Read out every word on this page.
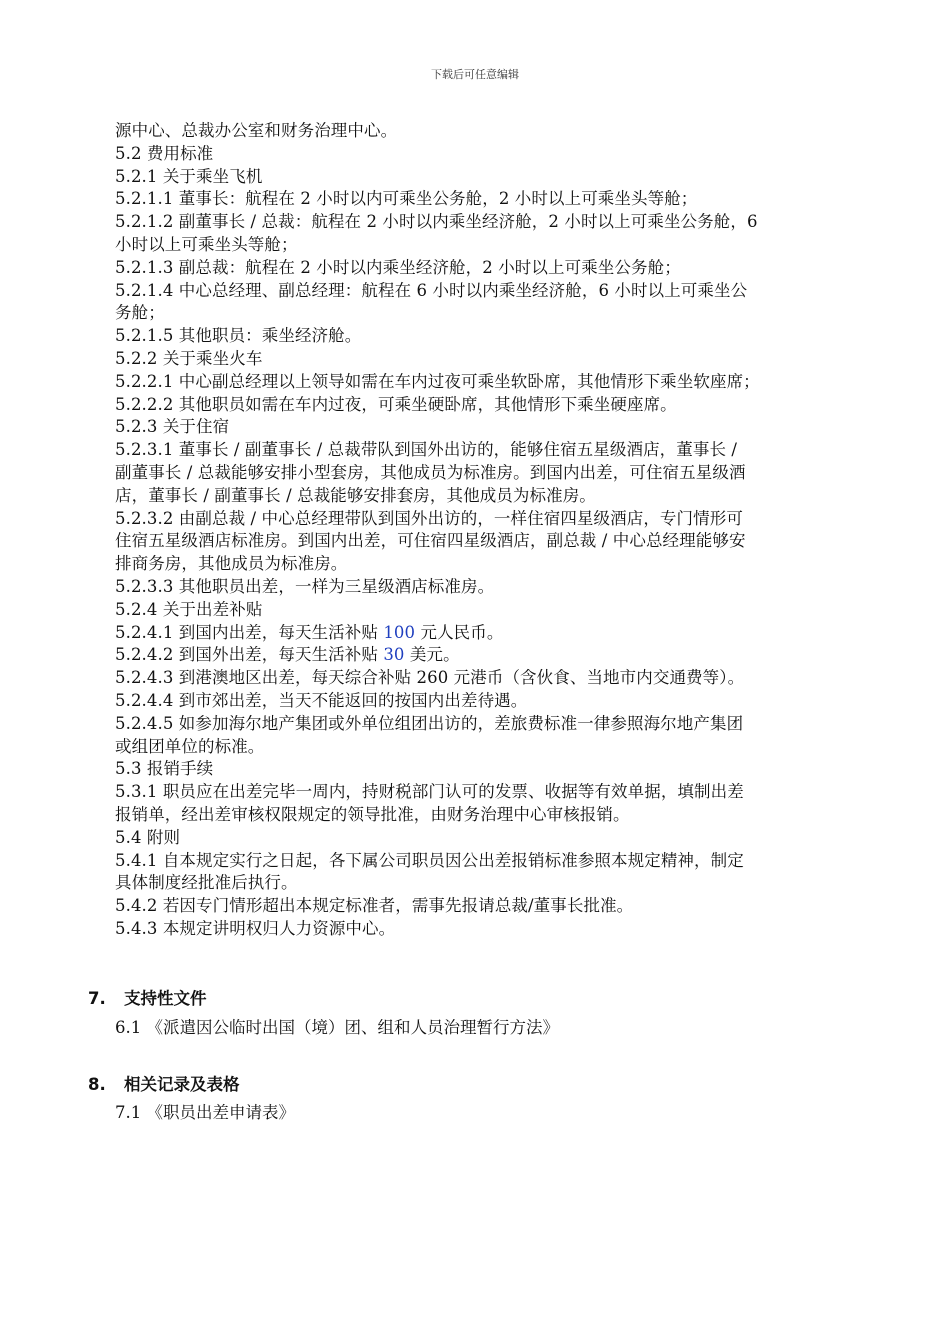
下载后可任意编辑
源中心、总裁办公室和财务治理中心。
5.2 费用标准
5.2.1 关于乘坐飞机
5.2.1.1 董事长：航程在 2 小时以内可乘坐公务舱，2 小时以上可乘坐头等舱；
5.2.1.2 副董事长 / 总裁：航程在 2 小时以内乘坐经济舱，2 小时以上可乘坐公务舱，6
小时以上可乘坐头等舱；
5.2.1.3 副总裁：航程在 2 小时以内乘坐经济舱，2 小时以上可乘坐公务舱；
5.2.1.4 中心总经理、副总经理：航程在 6 小时以内乘坐经济舱，6 小时以上可乘坐公
务舱；
5.2.1.5 其他职员：乘坐经济舱。
5.2.2 关于乘坐火车
5.2.2.1 中心副总经理以上领导如需在车内过夜可乘坐软卧席，其他情形下乘坐软座席；
5.2.2.2 其他职员如需在车内过夜，可乘坐硬卧席，其他情形下乘坐硬座席。
5.2.3 关于住宿
5.2.3.1 董事长 / 副董事长 / 总裁带队到国外出访的，能够住宿五星级酒店，董事长 /
副董事长 / 总裁能够安排小型套房，其他成员为标准房。到国内出差，可住宿五星级酒
店，董事长 / 副董事长 / 总裁能够安排套房，其他成员为标准房。
5.2.3.2 由副总裁 / 中心总经理带队到国外出访的，一样住宿四星级酒店，专门情形可
住宿五星级酒店标准房。到国内出差，可住宿四星级酒店，副总裁 / 中心总经理能够安
排商务房，其他成员为标准房。
5.2.3.3 其他职员出差，一样为三星级酒店标准房。
5.2.4 关于出差补贴
5.2.4.1 到国内出差，每天生活补贴 100 元人民币。
5.2.4.2 到国外出差，每天生活补贴 30 美元。
5.2.4.3 到港澳地区出差，每天综合补贴 260 元港币（含伙食、当地市内交通费等）。
5.2.4.4 到市郊出差，当天不能返回的按国内出差待遇。
5.2.4.5 如参加海尔地产集团或外单位组团出访的，差旅费标准一律参照海尔地产集团
或组团单位的标准。
5.3 报销手续
5.3.1 职员应在出差完毕一周内，持财税部门认可的发票、收据等有效单据，填制出差
报销单，经出差审核权限规定的领导批准，由财务治理中心审核报销。
5.4 附则
5.4.1 自本规定实行之日起，各下属公司职员因公出差报销标准参照本规定精神，制定
具体制度经批准后执行。
5.4.2 若因专门情形超出本规定标准者，需事先报请总裁/董事长批准。
5.4.3 本规定讲明权归人力资源中心。
7. 支持性文件
6.1 《派遣因公临时出国（境）团、组和人员治理暂行方法》
8. 相关记录及表格
7.1 《职员出差申请表》
